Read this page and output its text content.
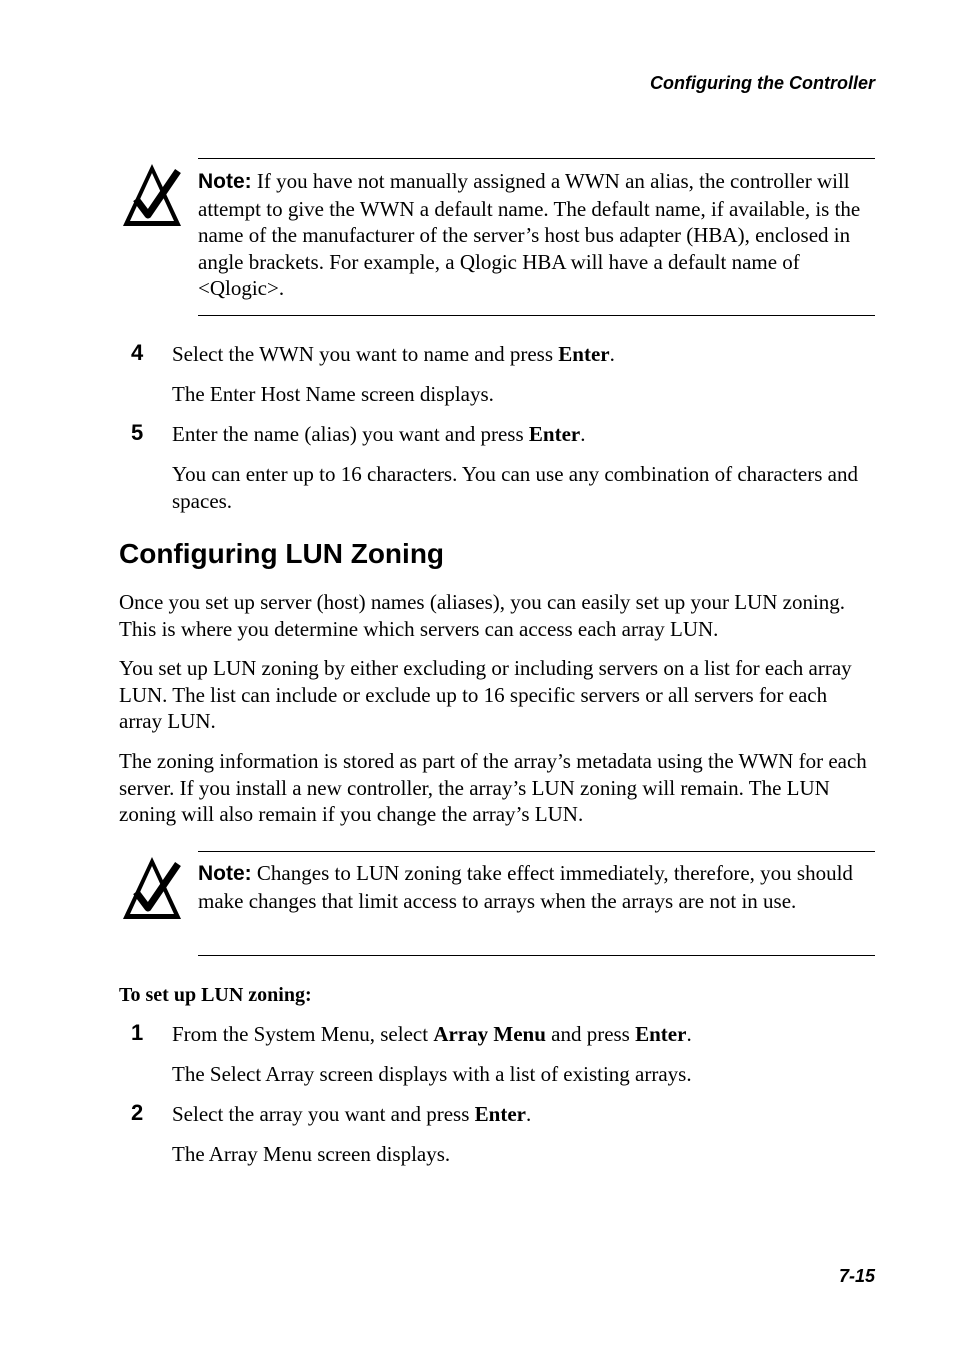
Configuring the Controller
Note: If you have not manually assigned a WWN an alias, the controller will attempt to give the WWN a default name. The default name, if available, is the name of the manufacturer of the server’s host bus adapter (HBA), enclosed in angle brackets. For example, a Qlogic HBA will have a default name of <Qlogic>.
4 Select the WWN you want to name and press Enter.
The Enter Host Name screen displays.
5 Enter the name (alias) you want and press Enter.
You can enter up to 16 characters. You can use any combination of characters and spaces.
Configuring LUN Zoning
Once you set up server (host) names (aliases), you can easily set up your LUN zoning. This is where you determine which servers can access each array LUN.
You set up LUN zoning by either excluding or including servers on a list for each array LUN. The list can include or exclude up to 16 specific servers or all servers for each array LUN.
The zoning information is stored as part of the array’s metadata using the WWN for each server. If you install a new controller, the array’s LUN zoning will remain. The LUN zoning will also remain if you change the array’s LUN.
Note: Changes to LUN zoning take effect immediately, therefore, you should make changes that limit access to arrays when the arrays are not in use.
To set up LUN zoning:
1 From the System Menu, select Array Menu and press Enter.
The Select Array screen displays with a list of existing arrays.
2 Select the array you want and press Enter.
The Array Menu screen displays.
7-15
